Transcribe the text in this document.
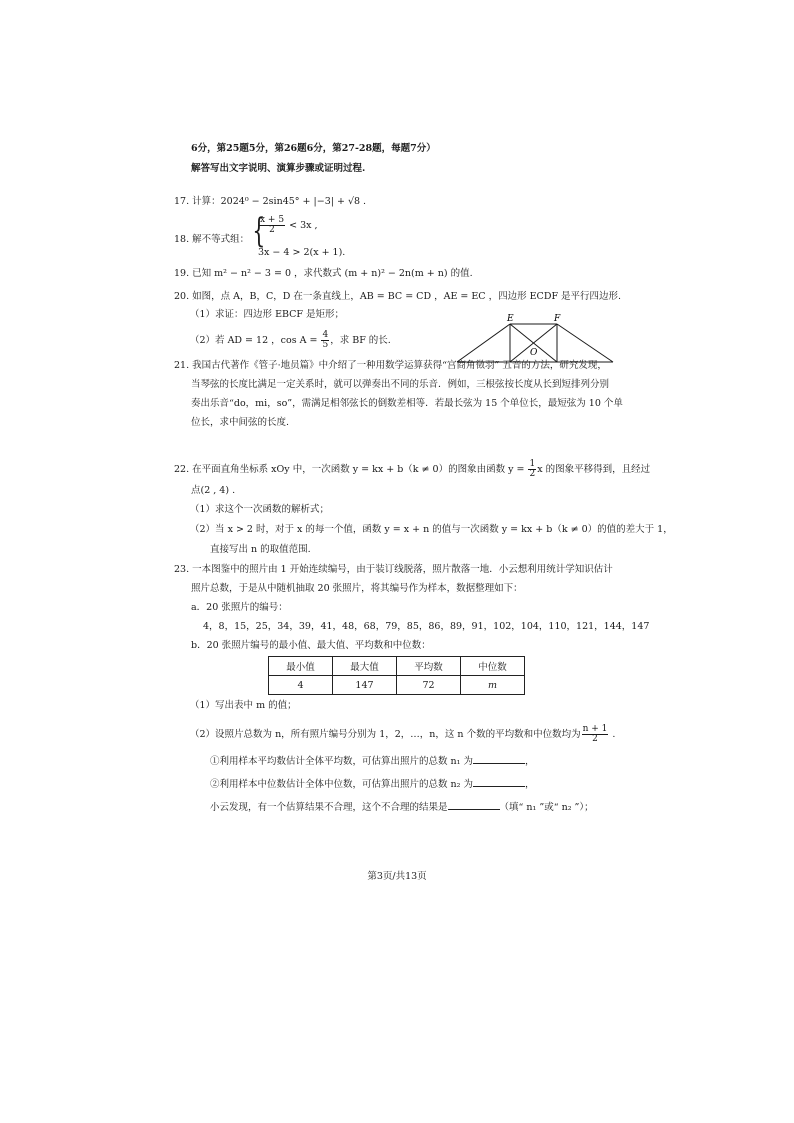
6分，第25题5分，第26题6分，第27-28题，每题7分）
解答写出文字说明、演算步骤或证明过程.
17. 计算：2024⁰ − 2sin45° + |−3| + √8 .
18. 解不等式组： {
$\frac{x + 5}{2} < 3x$ ,
3x − 4 > 2(x + 1).
19. 已知 m² − n² − 3 = 0 ，求代数式 (m + n)² − 2n(m + n) 的值.
20. 如图，点 A，B，C，D 在一条直线上，AB = BC = CD ，AE = EC ，四边形 ECDF 是平行四边形.
（1）求证：四边形 EBCF 是矩形；
（2）若 AD = 12 ，$\cos A = \frac{4}{5}$ ，求 BF 的长.
E	F
O
21. 我国古代著作《管子·地员篇》中介绍了一种用数学运算获得“宫商角徵羽” 五音的方法，研究发现，
当琴弦的长度比满足一定关系时，就可以弹奏出不同的乐音．例如，三根弦按长度从长到短排列分别
奏出乐音“do，mi，so”，需满足相邻弦长的倒数差相等．若最长弦为 15 个单位长，最短弦为 10 个单
位长，求中间弦的长度.
22. 在平面直角坐标系 xOy 中，一次函数 y = kx + b（k ≠ 0）的图象由函数 $y = \frac{1}{2}$ x 的图象平移得到，且经过
点(2 , 4) .
（1）求这个一次函数的解析式；
（2）当 x > 2 时，对于 x 的每一个值，函数 y = x + n 的值与一次函数 y = kx + b（k ≠ 0）的值的差大于 1，
直接写出 n 的取值范围.
23. 一本图鉴中的照片由 1 开始连续编号，由于装订线脱落，照片散落一地．小云想利用统计学知识估计
照片总数，于是从中随机抽取 20 张照片，将其编号作为样本，数据整理如下：
a．20 张照片的编号：
4，8，15，25，34，39，41，48，68，79，85，86，89，91，102，104，110，121，144，147
b．20 张照片编号的最小值、最大值、平均数和中位数：
最小值	最大值	平均数	中位数
4	147	72	m
（1）写出表中 m 的值；
（2）设照片总数为 n，所有照片编号分别为 1，2，…，n，这 n 个数的平均数和中位数均为 $\frac{n + 1}{2}$ .
①利用样本平均数估计全体平均数，可估算出照片的总数 n₁ 为	，
②利用样本中位数估计全体中位数，可估算出照片的总数 n₂ 为	，
小云发现，有一个估算结果不合理，这个不合理的结果是	（填“ n₁ ”或“ n₂ ”）；
第3页/共13页
